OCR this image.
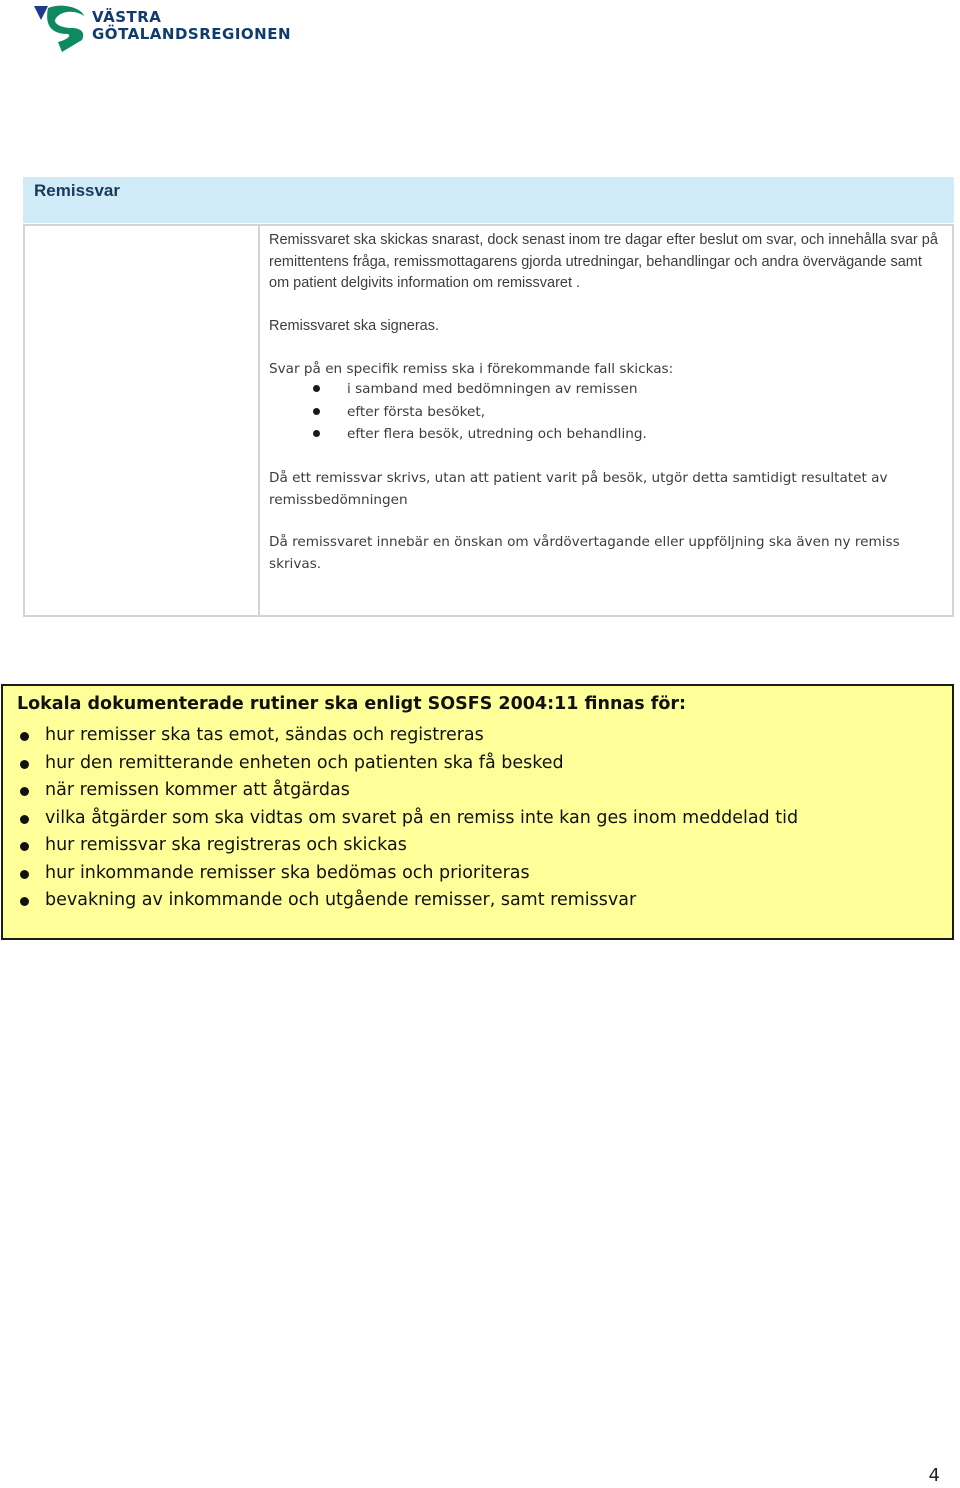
VÄSTRA
GÖTALANDSREGIONEN
Remissvar
Remissvaret ska skickas snarast, dock senast inom tre dagar efter beslut om svar, och innehålla svar på remittentens fråga, remissmottagarens gjorda utredningar, behandlingar och andra övervägande samt om patient delgivits information om remissvaret .
Remissvaret ska signeras.
Svar på en specifik remiss ska i förekommande fall skickas:
i samband med bedömningen av remissen
efter första besöket,
efter flera besök, utredning och behandling.
Då ett remissvar skrivs, utan att patient varit på besök, utgör detta samtidigt resultatet av remissbedömningen
Då remissvaret innebär en önskan om vårdövertagande eller uppföljning ska även ny remiss skrivas.
Lokala dokumenterade rutiner ska enligt SOSFS 2004:11 finnas för:
hur remisser ska tas emot, sändas och registreras
hur den remitterande enheten och patienten ska få besked
när remissen kommer att åtgärdas
vilka åtgärder som ska vidtas om svaret på en remiss inte kan ges inom meddelad tid
hur remissvar ska registreras och skickas
hur inkommande remisser ska bedömas och prioriteras
bevakning av inkommande och utgående remisser, samt remissvar
4
